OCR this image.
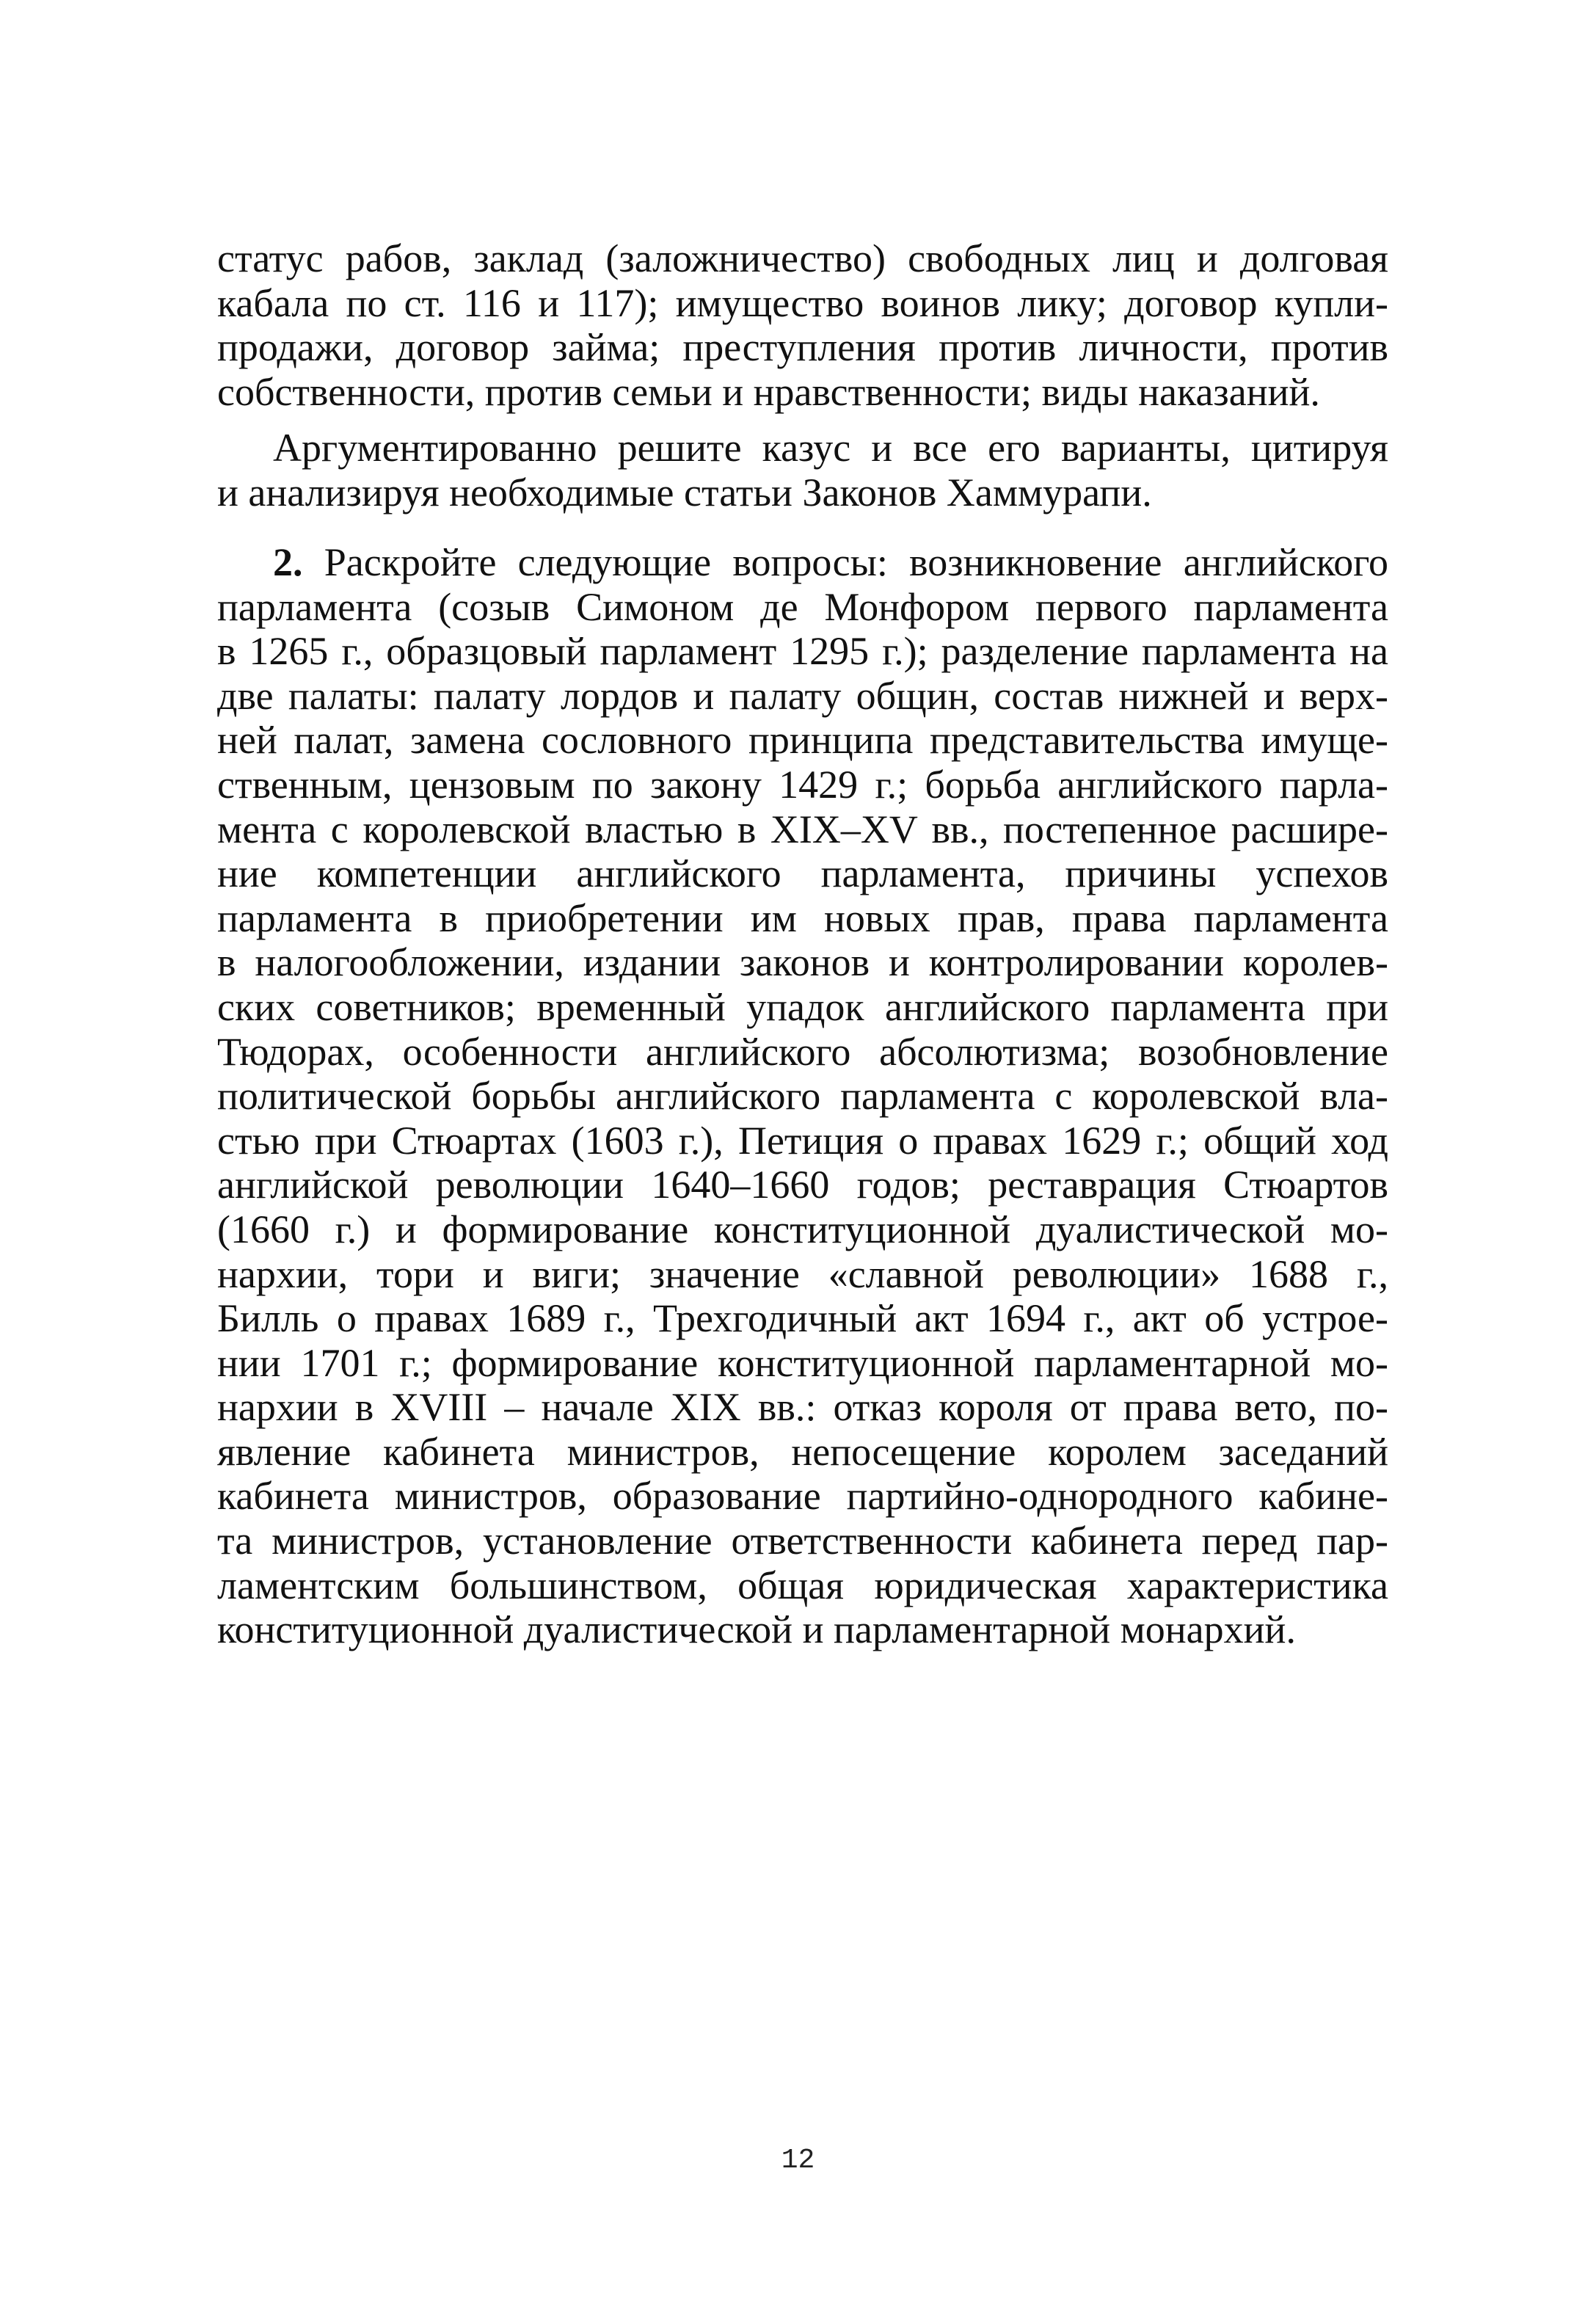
статус рабов, заклад (заложничество) свободных лиц и долговая
кабала по ст. 116 и 117); имущество воинов лику; договор купли-
продажи, договор займа; преступления против личности, против
собственности, против семьи и нравственности; виды наказаний.
Аргументированно решите казус и все его варианты, цитируя
и анализируя необходимые статьи Законов Хаммурапи.
2. Раскройте следующие вопросы: возникновение английского
парламента (созыв Симоном де Монфором первого парламента
в 1265 г., образцовый парламент 1295 г.); разделение парламента на
две палаты: палату лордов и палату общин, состав нижней и верх-
ней палат, замена сословного принципа представительства имуще-
ственным, цензовым по закону 1429 г.; борьба английского парла-
мента с королевской властью в XIX–XV вв., постепенное расшире-
ние компетенции английского парламента, причины успехов
парламента в приобретении им новых прав, права парламента
в налогообложении, издании законов и контролировании королев-
ских советников; временный упадок английского парламента при
Тюдорах, особенности английского абсолютизма; возобновление
политической борьбы английского парламента с королевской вла-
стью при Стюартах (1603 г.), Петиция о правах 1629 г.; общий ход
английской революции 1640–1660 годов; реставрация Стюартов
(1660 г.) и формирование конституционной дуалистической мо-
нархии, тори и виги; значение «славной революции» 1688 г.,
Билль о правах 1689 г., Трехгодичный акт 1694 г., акт об устрое-
нии 1701 г.; формирование конституционной парламентарной мо-
нархии в XVIII – начале XIX вв.: отказ короля от права вето, по-
явление кабинета министров, непосещение королем заседаний
кабинета министров, образование партийно-однородного кабине-
та министров, установление ответственности кабинета перед пар-
ламентским большинством, общая юридическая характеристика
конституционной дуалистической и парламентарной монархий.
12
